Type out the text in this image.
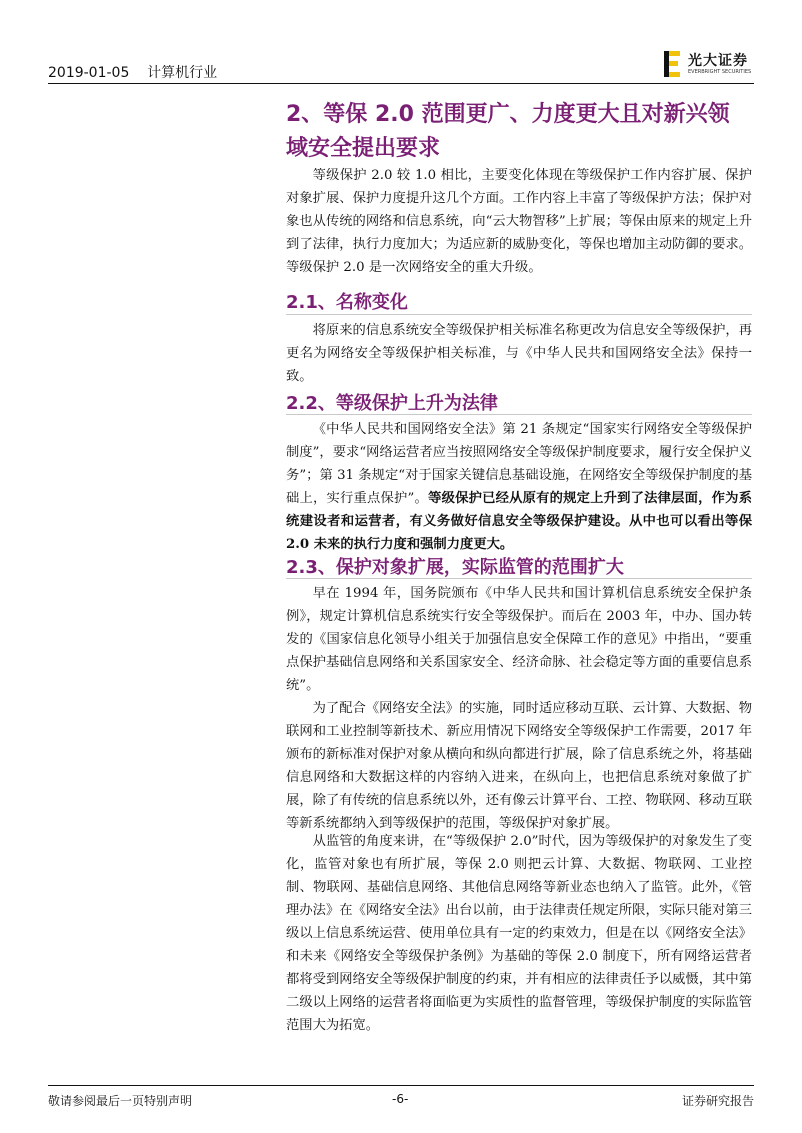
2019-01-05    计算机行业
光大证券
EVERBRIGHT SECURITIES
2、等保 2.0 范围更广、力度更大且对新兴领域安全提出要求
等级保护 2.0 较 1.0 相比，主要变化体现在等级保护工作内容扩展、保护对象扩展、保护力度提升这几个方面。工作内容上丰富了等级保护方法；保护对象也从传统的网络和信息系统，向“云大物智移”上扩展；等保由原来的规定上升到了法律，执行力度加大；为适应新的威胁变化，等保也增加主动防御的要求。等级保护 2.0 是一次网络安全的重大升级。
2.1、名称变化
将原来的信息系统安全等级保护相关标准名称更改为信息安全等级保护，再更名为网络安全等级保护相关标准，与《中华人民共和国网络安全法》保持一致。
2.2、等级保护上升为法律
《中华人民共和国网络安全法》第 21 条规定“国家实行网络安全等级保护制度”，要求“网络运营者应当按照网络安全等级保护制度要求，履行安全保护义务”；第 31 条规定“对于国家关键信息基础设施，在网络安全等级保护制度的基础上，实行重点保护”。等级保护已经从原有的规定上升到了法律层面，作为系统建设者和运营者，有义务做好信息安全等级保护建设。从中也可以看出等保 2.0 未来的执行力度和强制力度更大。
2.3、保护对象扩展，实际监管的范围扩大
早在 1994 年，国务院颁布《中华人民共和国计算机信息系统安全保护条例》，规定计算机信息系统实行安全等级保护。而后在 2003 年，中办、国办转发的《国家信息化领导小组关于加强信息安全保障工作的意见》中指出，“要重点保护基础信息网络和关系国家安全、经济命脉、社会稳定等方面的重要信息系统”。
为了配合《网络安全法》的实施，同时适应移动互联、云计算、大数据、物联网和工业控制等新技术、新应用情况下网络安全等级保护工作需要，2017 年颁布的新标准对保护对象从横向和纵向都进行扩展，除了信息系统之外，将基础信息网络和大数据这样的内容纳入进来，在纵向上，也把信息系统对象做了扩展，除了有传统的信息系统以外，还有像云计算平台、工控、物联网、移动互联等新系统都纳入到等级保护的范围，等级保护对象扩展。
从监管的角度来讲，在“等级保护 2.0”时代，因为等级保护的对象发生了变化，监管对象也有所扩展，等保 2.0 则把云计算、大数据、物联网、工业控制、物联网、基础信息网络、其他信息网络等新业态也纳入了监管。此外，《管理办法》在《网络安全法》出台以前，由于法律责任规定所限，实际只能对第三级以上信息系统运营、使用单位具有一定的约束效力，但是在以《网络安全法》和未来《网络安全等级保护条例》为基础的等保 2.0 制度下，所有网络运营者都将受到网络安全等级保护制度的约束，并有相应的法律责任予以威慑，其中第二级以上网络的运营者将面临更为实质性的监督管理，等级保护制度的实际监管范围大为拓宽。
敬请参阅最后一页特别声明	-6-	证券研究报告
